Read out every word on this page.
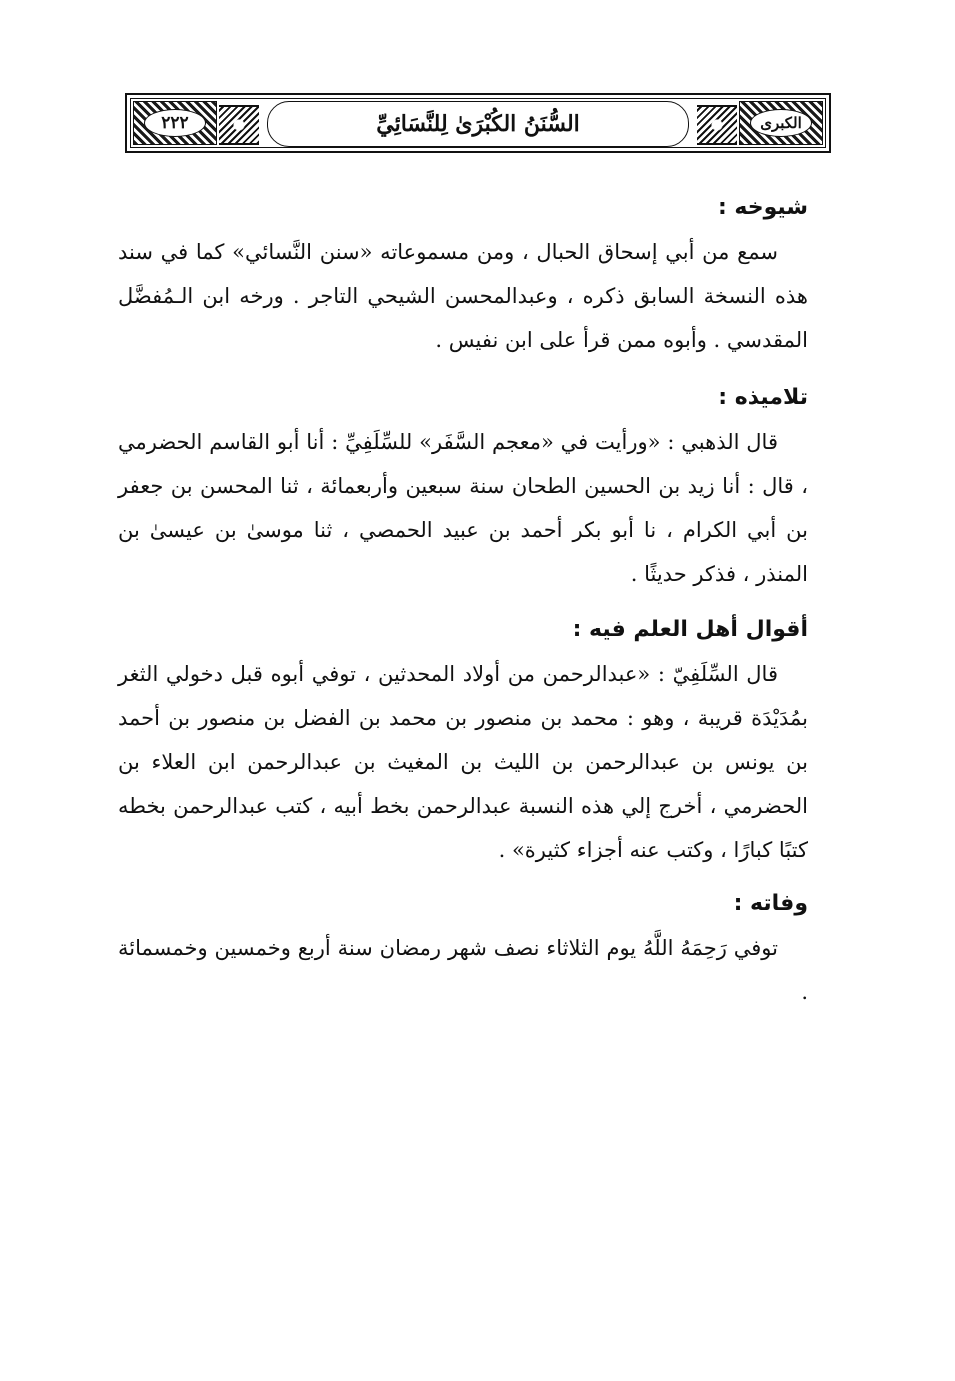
٢٢٢	السُّنَنُ الكُبْرَىٰ لِلنَّسَائِيِّ	الكبرى
شيوخه :

سمع من أبي إسحاق الحبال ، ومن مسموعاته «سنن النَّسائي» كما في سند هذه النسخة السابق ذكره ، وعبدالمحسن الشيحي التاجر . ورخه ابن الـمُفضَّل المقدسي . وأبوه ممن قرأ على ابن نفيس .

تلاميذه :

قال الذهبي : «ورأيت في «معجم السَّفَر» للسِّلَفِيِّ : أنا أبو القاسم الحضرمي ، قال : أنا زيد بن الحسين الطحان سنة سبعين وأربعمائة ، ثنا المحسن بن جعفر بن أبي الكرام ، نا أبو بكر أحمد بن عبيد الحمصي ، ثنا موسىٰ بن عيسىٰ بن المنذر ، فذكر حديثًا .

أقوال أهل العلم فيه :

قال السِّلَفِيّ : «عبدالرحمن من أولاد المحدثين ، توفي أبوه قبل دخولي الثغر بمُدَيْدَة قريبة ، وهو : محمد بن منصور بن محمد بن الفضل بن منصور بن أحمد بن يونس بن عبدالرحمن بن الليث بن المغيث بن عبدالرحمن ابن العلاء بن الحضرمي ، أخرج إلي هذه النسبة عبدالرحمن بخط أبيه ، كتب عبدالرحمن بخطه كتبًا كبارًا ، وكتب عنه أجزاء كثيرة» .

وفاته :

توفي رَحِمَهُ اللَّهُ يوم الثلاثاء نصف شهر رمضان سنة أربع وخمسين وخمسمائة .
